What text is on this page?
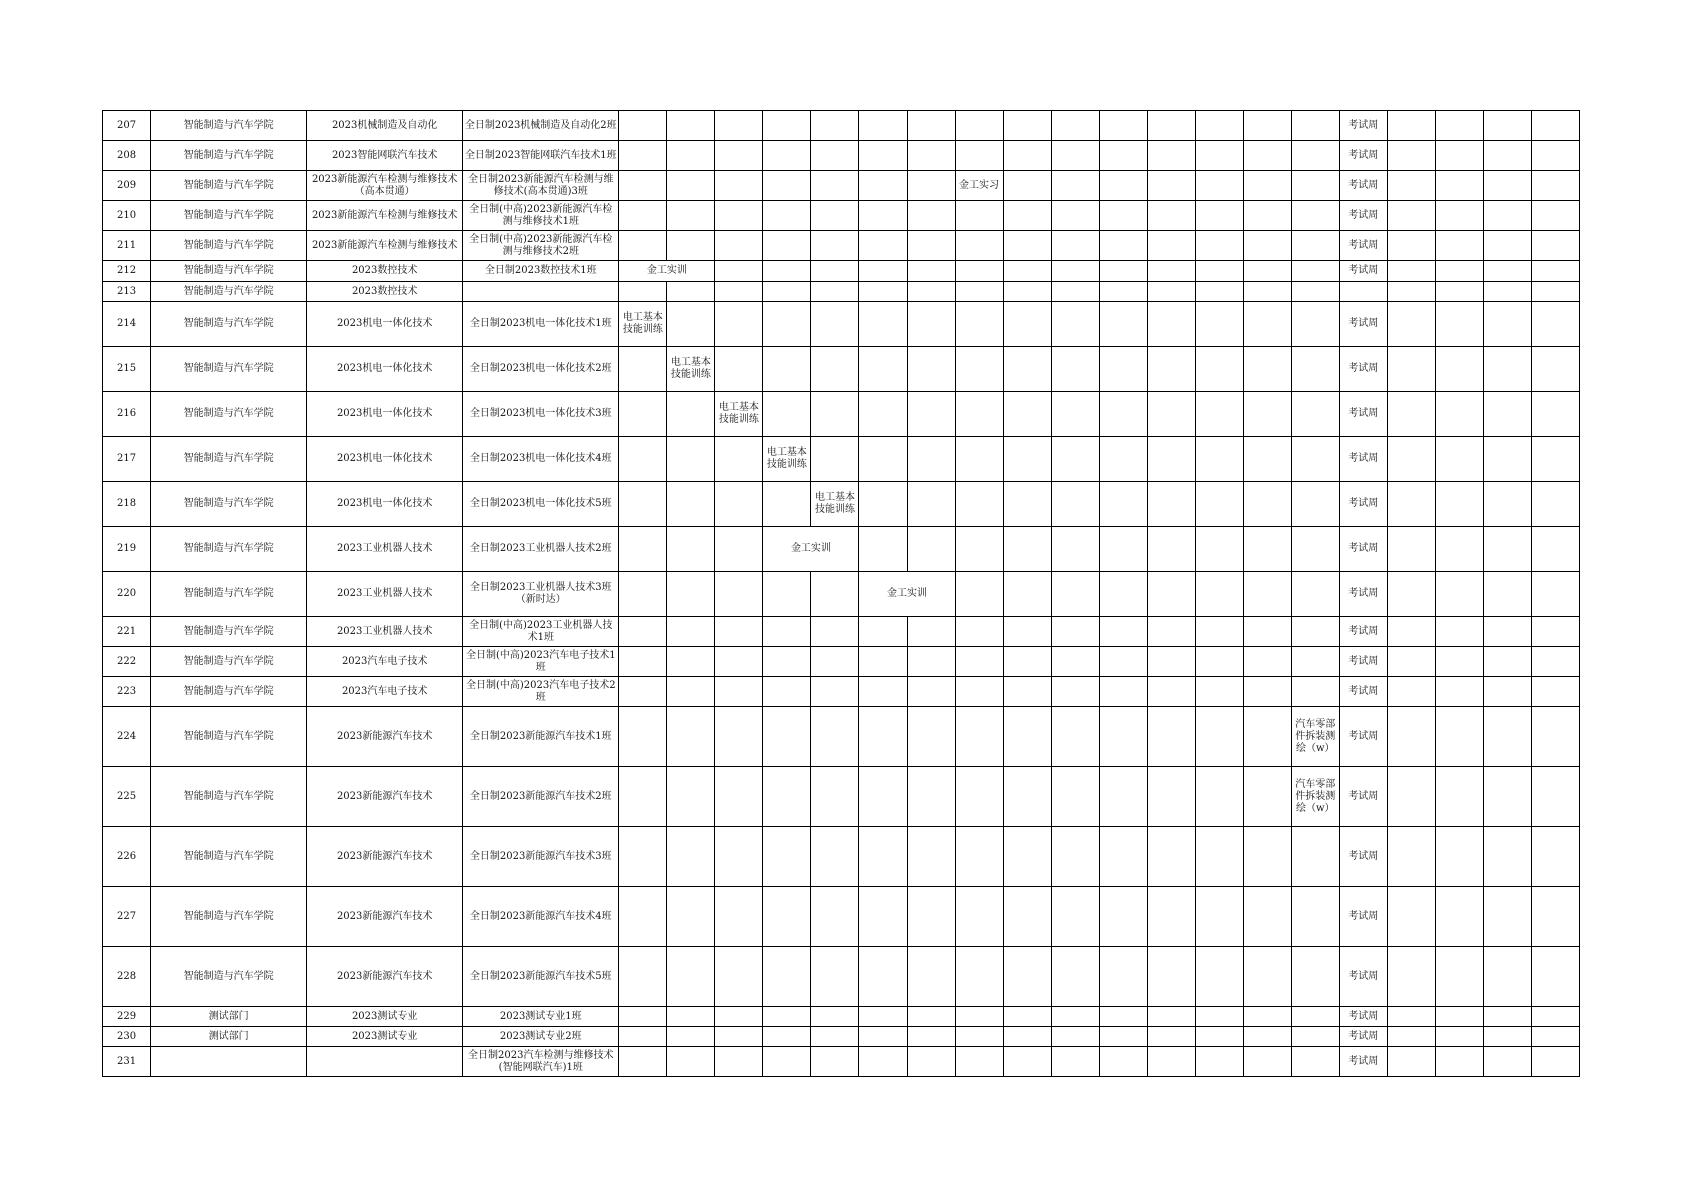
207	智能制造与汽车学院	2023机械制造及自动化	全日制2023机械制造及自动化2班																考试周				
208	智能制造与汽车学院	2023智能网联汽车技术	全日制2023智能网联汽车技术1班																考试周				
209	智能制造与汽车学院	2023新能源汽车检测与维修技术（高本贯通）	全日制2023新能源汽车检测与维修技术(高本贯通)3班								金工实习								考试周				
210	智能制造与汽车学院	2023新能源汽车检测与维修技术	全日制(中高)2023新能源汽车检测与维修技术1班																考试周				
211	智能制造与汽车学院	2023新能源汽车检测与维修技术	全日制(中高)2023新能源汽车检测与维修技术2班																考试周				
212	智能制造与汽车学院	2023数控技术	全日制2023数控技术1班	金工实训															考试周				
213	智能制造与汽车学院	2023数控技术																					
214	智能制造与汽车学院	2023机电一体化技术	全日制2023机电一体化技术1班	电工基本技能训练															考试周				
215	智能制造与汽车学院	2023机电一体化技术	全日制2023机电一体化技术2班		电工基本技能训练														考试周				
216	智能制造与汽车学院	2023机电一体化技术	全日制2023机电一体化技术3班			电工基本技能训练													考试周				
217	智能制造与汽车学院	2023机电一体化技术	全日制2023机电一体化技术4班				电工基本技能训练												考试周				
218	智能制造与汽车学院	2023机电一体化技术	全日制2023机电一体化技术5班					电工基本技能训练											考试周				
219	智能制造与汽车学院	2023工业机器人技术	全日制2023工业机器人技术2班				金工实训												考试周				
220	智能制造与汽车学院	2023工业机器人技术	全日制2023工业机器人技术3班（新时达）						金工实训										考试周				
221	智能制造与汽车学院	2023工业机器人技术	全日制(中高)2023工业机器人技术1班																考试周				
222	智能制造与汽车学院	2023汽车电子技术	全日制(中高)2023汽车电子技术1班																考试周				
223	智能制造与汽车学院	2023汽车电子技术	全日制(中高)2023汽车电子技术2班																考试周				
224	智能制造与汽车学院	2023新能源汽车技术	全日制2023新能源汽车技术1班															汽车零部件拆装测绘（w）	考试周				
225	智能制造与汽车学院	2023新能源汽车技术	全日制2023新能源汽车技术2班															汽车零部件拆装测绘（w）	考试周				
226	智能制造与汽车学院	2023新能源汽车技术	全日制2023新能源汽车技术3班																考试周				
227	智能制造与汽车学院	2023新能源汽车技术	全日制2023新能源汽车技术4班																考试周				
228	智能制造与汽车学院	2023新能源汽车技术	全日制2023新能源汽车技术5班																考试周				
229	测试部门	2023测试专业	2023测试专业1班																考试周				
230	测试部门	2023测试专业	2023测试专业2班																考试周				
231			全日制2023汽车检测与维修技术(智能网联汽车)1班																考试周				
